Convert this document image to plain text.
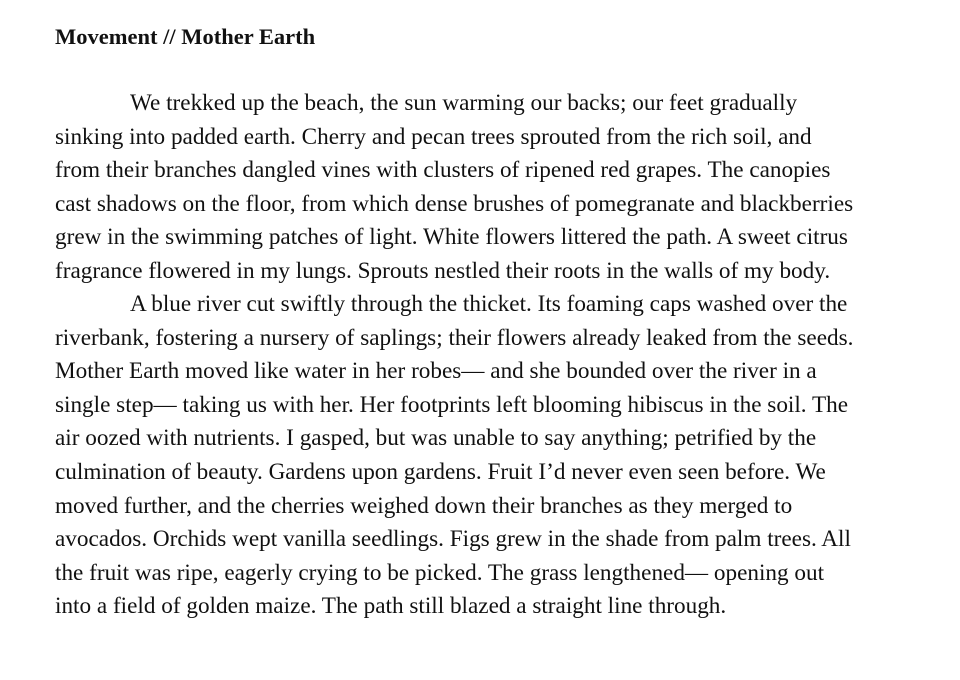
Movement // Mother Earth
We trekked up the beach, the sun warming our backs; our feet gradually
sinking into padded earth. Cherry and pecan trees sprouted from the rich soil, and
from their branches dangled vines with clusters of ripened red grapes. The canopies
cast shadows on the floor, from which dense brushes of pomegranate and blackberries
grew in the swimming patches of light. White flowers littered the path. A sweet citrus
fragrance flowered in my lungs. Sprouts nestled their roots in the walls of my body.
A blue river cut swiftly through the thicket. Its foaming caps washed over the
riverbank, fostering a nursery of saplings; their flowers already leaked from the seeds.
Mother Earth moved like water in her robes— and she bounded over the river in a
single step— taking us with her. Her footprints left blooming hibiscus in the soil. The
air oozed with nutrients. I gasped, but was unable to say anything; petrified by the
culmination of beauty. Gardens upon gardens. Fruit I’d never even seen before. We
moved further, and the cherries weighed down their branches as they merged to
avocados. Orchids wept vanilla seedlings. Figs grew in the shade from palm trees. All
the fruit was ripe, eagerly crying to be picked. The grass lengthened— opening out
into a field of golden maize. The path still blazed a straight line through.
